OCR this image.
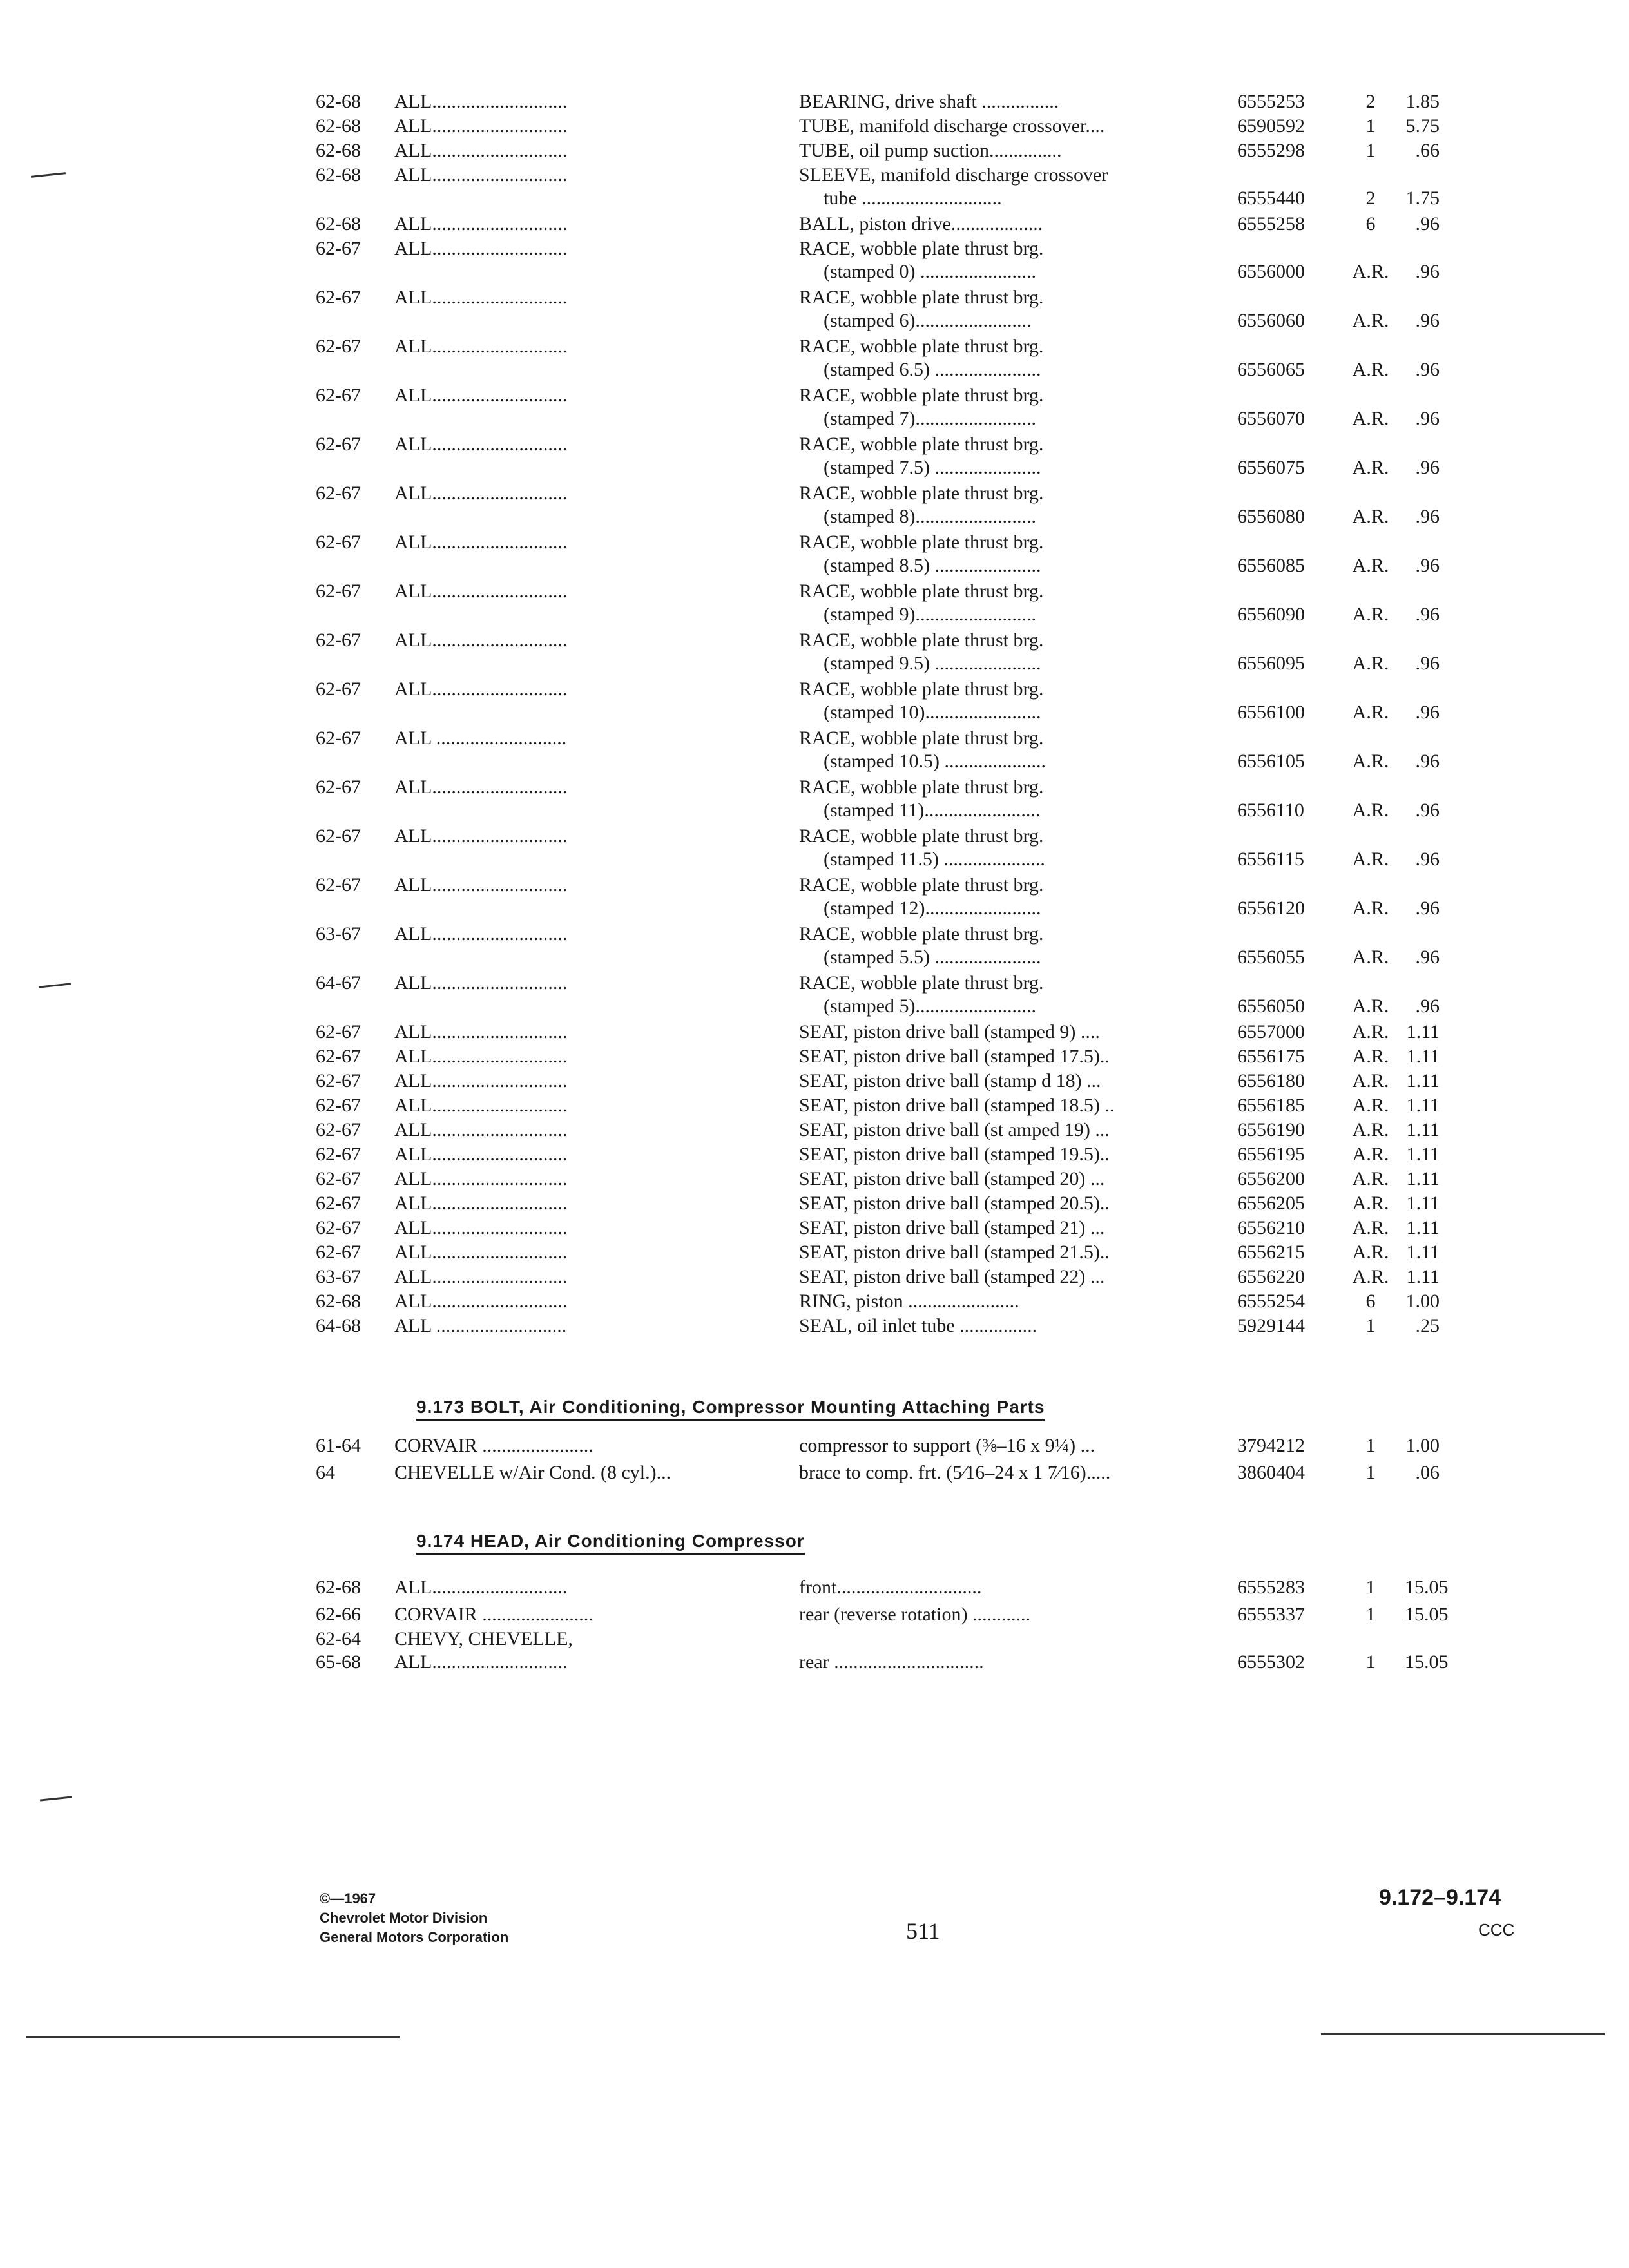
62-68 ALL............................	BEARING, drive shaft ................	6555253	2	1.85
62-68 ALL............................	TUBE, manifold discharge crossover....	6590592	1	5.75
62-68 ALL............................	TUBE, oil pump suction...............	6555298	1	.66
62-68 ALL............................	SLEEVE, manifold discharge crossover
tube .............................	6555440	2	1.75
62-68 ALL............................	BALL, piston drive...................	6555258	6	.96
62-67 ALL............................	RACE, wobble plate thrust brg.
(stamped 0) ........................	6556000	A.R.	.96
62-67 ALL............................	RACE, wobble plate thrust brg.
(stamped 6)........................	6556060	A.R.	.96
62-67 ALL............................	RACE, wobble plate thrust brg.
(stamped 6.5) ......................	6556065	A.R.	.96
62-67 ALL............................	RACE, wobble plate thrust brg.
(stamped 7).........................	6556070	A.R.	.96
62-67 ALL............................	RACE, wobble plate thrust brg.
(stamped 7.5) ......................	6556075	A.R.	.96
62-67 ALL............................	RACE, wobble plate thrust brg.
(stamped 8).........................	6556080	A.R.	.96
62-67 ALL............................	RACE, wobble plate thrust brg.
(stamped 8.5) ......................	6556085	A.R.	.96
62-67 ALL............................	RACE, wobble plate thrust brg.
(stamped 9).........................	6556090	A.R.	.96
62-67 ALL............................	RACE, wobble plate thrust brg.
(stamped 9.5) ......................	6556095	A.R.	.96
62-67 ALL............................	RACE, wobble plate thrust brg.
(stamped 10)........................	6556100	A.R.	.96
62-67 ALL ...........................	RACE, wobble plate thrust brg.
(stamped 10.5) .....................	6556105	A.R.	.96
62-67 ALL............................	RACE, wobble plate thrust brg.
(stamped 11)........................	6556110	A.R.	.96
62-67 ALL............................	RACE, wobble plate thrust brg.
(stamped 11.5) .....................	6556115	A.R.	.96
62-67 ALL............................	RACE, wobble plate thrust brg.
(stamped 12)........................	6556120	A.R.	.96
63-67 ALL............................	RACE, wobble plate thrust brg.
(stamped 5.5) ......................	6556055	A.R.	.96
64-67 ALL............................	RACE, wobble plate thrust brg.
(stamped 5).........................	6556050	A.R.	.96
62-67 ALL............................	SEAT, piston drive ball (stamped 9) ....	6557000	A.R. 1.11
62-67 ALL............................	SEAT, piston drive ball (stamped 17.5)..	6556175	A.R. 1.11
62-67 ALL............................	SEAT, piston drive ball (stamp d 18) ...	6556180	A.R. 1.11
62-67 ALL............................	SEAT, piston drive ball (stamped 18.5) ..	6556185	A.R. 1.11
62-67 ALL............................	SEAT, piston drive ball (st amped 19) ...	6556190	A.R. 1.11
62-67 ALL............................	SEAT, piston drive ball (stamped 19.5)..	6556195	A.R. 1.11
62-67 ALL............................	SEAT, piston drive ball (stamped 20) ...	6556200	A.R. 1.11
62-67 ALL............................	SEAT, piston drive ball (stamped 20.5)..	6556205	A.R. 1.11
62-67 ALL............................	SEAT, piston drive ball (stamped 21) ...	6556210	A.R. 1.11
62-67 ALL............................	SEAT, piston drive ball (stamped 21.5)..	6556215	A.R. 1.11
63-67 ALL............................	SEAT, piston drive ball (stamped 22) ...	6556220	A.R. 1.11
62-68 ALL............................	RING, piston .......................	6555254	6	1.00
64-68 ALL ...........................	SEAL, oil inlet tube ................	5929144	1	.25
9.173 BOLT, Air Conditioning, Compressor Mounting Attaching Parts
61-64 CORVAIR .......................	compressor to support (⅜–16 x 9¼) ...	3794212	1	1.00
64	CHEVELLE w/Air Cond. (8 cyl.)...	brace to comp. frt. (5⁄16–24 x 1 7⁄16).....	3860404	1	.06
9.174 HEAD, Air Conditioning Compressor
62-68 ALL............................	front..............................	6555283	1	15.05
62-66 CORVAIR .......................	rear (reverse rotation) ............	6555337	1	15.05
62-64 CHEVY, CHEVELLE,
65-68 ALL............................	rear ...............................	6555302	1	15.05
©—1967
Chevrolet Motor Division
General Motors Corporation	511
9.172–9.174
CCC
